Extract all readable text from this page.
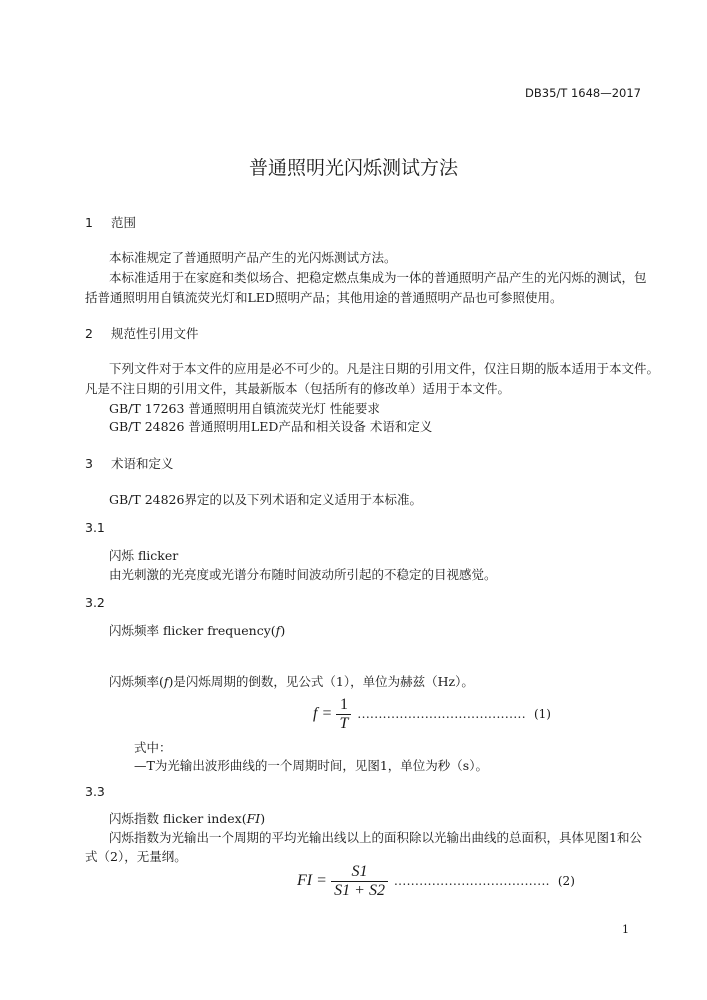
DB35/T 1648—2017
普通照明光闪烁测试方法
1 范围
本标准规定了普通照明产品产生的光闪烁测试方法。
本标准适用于在家庭和类似场合、把稳定燃点集成为一体的普通照明产品产生的光闪烁的测试，包
括普通照明用自镇流荧光灯和LED照明产品；其他用途的普通照明产品也可参照使用。
2 规范性引用文件
下列文件对于本文件的应用是必不可少的。凡是注日期的引用文件，仅注日期的版本适用于本文件。
凡是不注日期的引用文件，其最新版本（包括所有的修改单）适用于本文件。
GB/T 17263 普通照明用自镇流荧光灯 性能要求
GB/T 24826 普通照明用LED产品和相关设备 术语和定义
3 术语和定义
GB/T 24826界定的以及下列术语和定义适用于本标准。
3.1
闪烁 flicker
由光刺激的光亮度或光谱分布随时间波动所引起的不稳定的目视感觉。
3.2
闪烁频率 flicker frequency(f)
闪烁频率(f)是闪烁周期的倒数，见公式（1），单位为赫兹（Hz）。
$f = \frac{1}{T}$ ........................................ (1)
式中：
—T为光输出波形曲线的一个周期时间，见图1，单位为秒（s）。
3.3
闪烁指数 flicker index(FI)
闪烁指数为光输出一个周期的平均光输出线以上的面积除以光输出曲线的总面积，具体见图1和公
式（2），无量纲。
FI = $\frac{S1}{S1 + S2}$ ..................................... (2)
1
